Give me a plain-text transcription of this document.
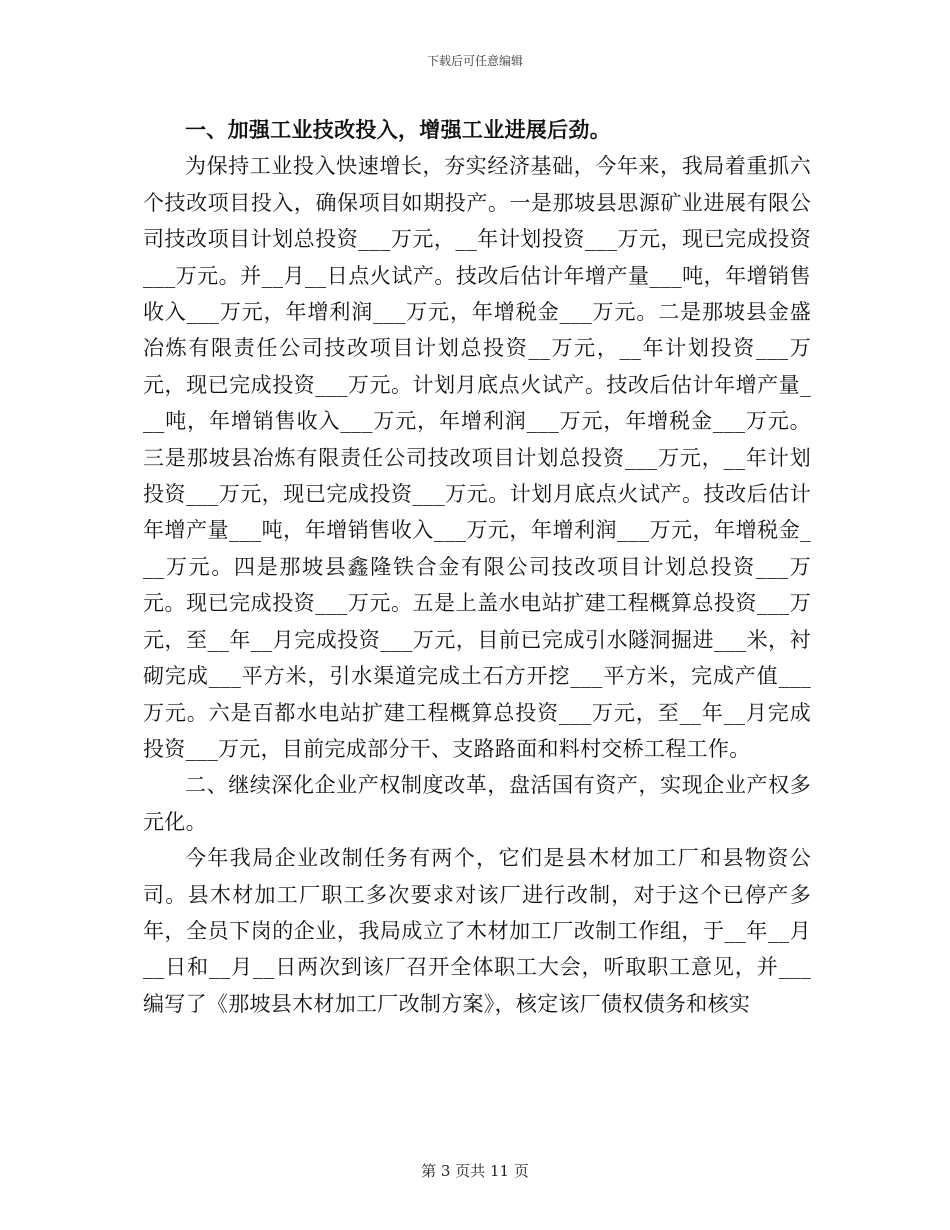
下载后可任意编辑

一、加强工业技改投入，增强工业进展后劲。

为保持工业投入快速增长，夯实经济基础，今年来，我局着重抓六个技改项目投入，确保项目如期投产。一是那坡县思源矿业进展有限公司技改项目计划总投资___万元，__年计划投资___万元，现已完成投资___万元。并__月__日点火试产。技改后估计年增产量___吨，年增销售收入___万元，年增利润___万元，年增税金___万元。二是那坡县金盛冶炼有限责任公司技改项目计划总投资__万元，__年计划投资___万元，现已完成投资___万元。计划月底点火试产。技改后估计年增产量___吨，年增销售收入___万元，年增利润___万元，年增税金___万元。三是那坡县冶炼有限责任公司技改项目计划总投资___万元，__年计划投资___万元，现已完成投资___万元。计划月底点火试产。技改后估计年增产量___吨，年增销售收入___万元，年增利润___万元，年增税金___万元。四是那坡县鑫隆铁合金有限公司技改项目计划总投资___万元。现已完成投资___万元。五是上盖水电站扩建工程概算总投资___万元，至__年__月完成投资___万元，目前已完成引水隧洞掘进___米，衬砌完成___平方米，引水渠道完成土石方开挖___平方米，完成产值___万元。六是百都水电站扩建工程概算总投资___万元，至__年__月完成投资___万元，目前完成部分干、支路路面和料村交桥工程工作。

二、继续深化企业产权制度改革，盘活国有资产，实现企业产权多元化。

今年我局企业改制任务有两个，它们是县木材加工厂和县物资公司。县木材加工厂职工多次要求对该厂进行改制，对于这个已停产多年，全员下岗的企业，我局成立了木材加工厂改制工作组，于__年__月__日和__月__日两次到该厂召开全体职工大会，听取职工意见，并___编写了《那坡县木材加工厂改制方案》，核定该厂债权债务和核实

第 3 页共 11 页
